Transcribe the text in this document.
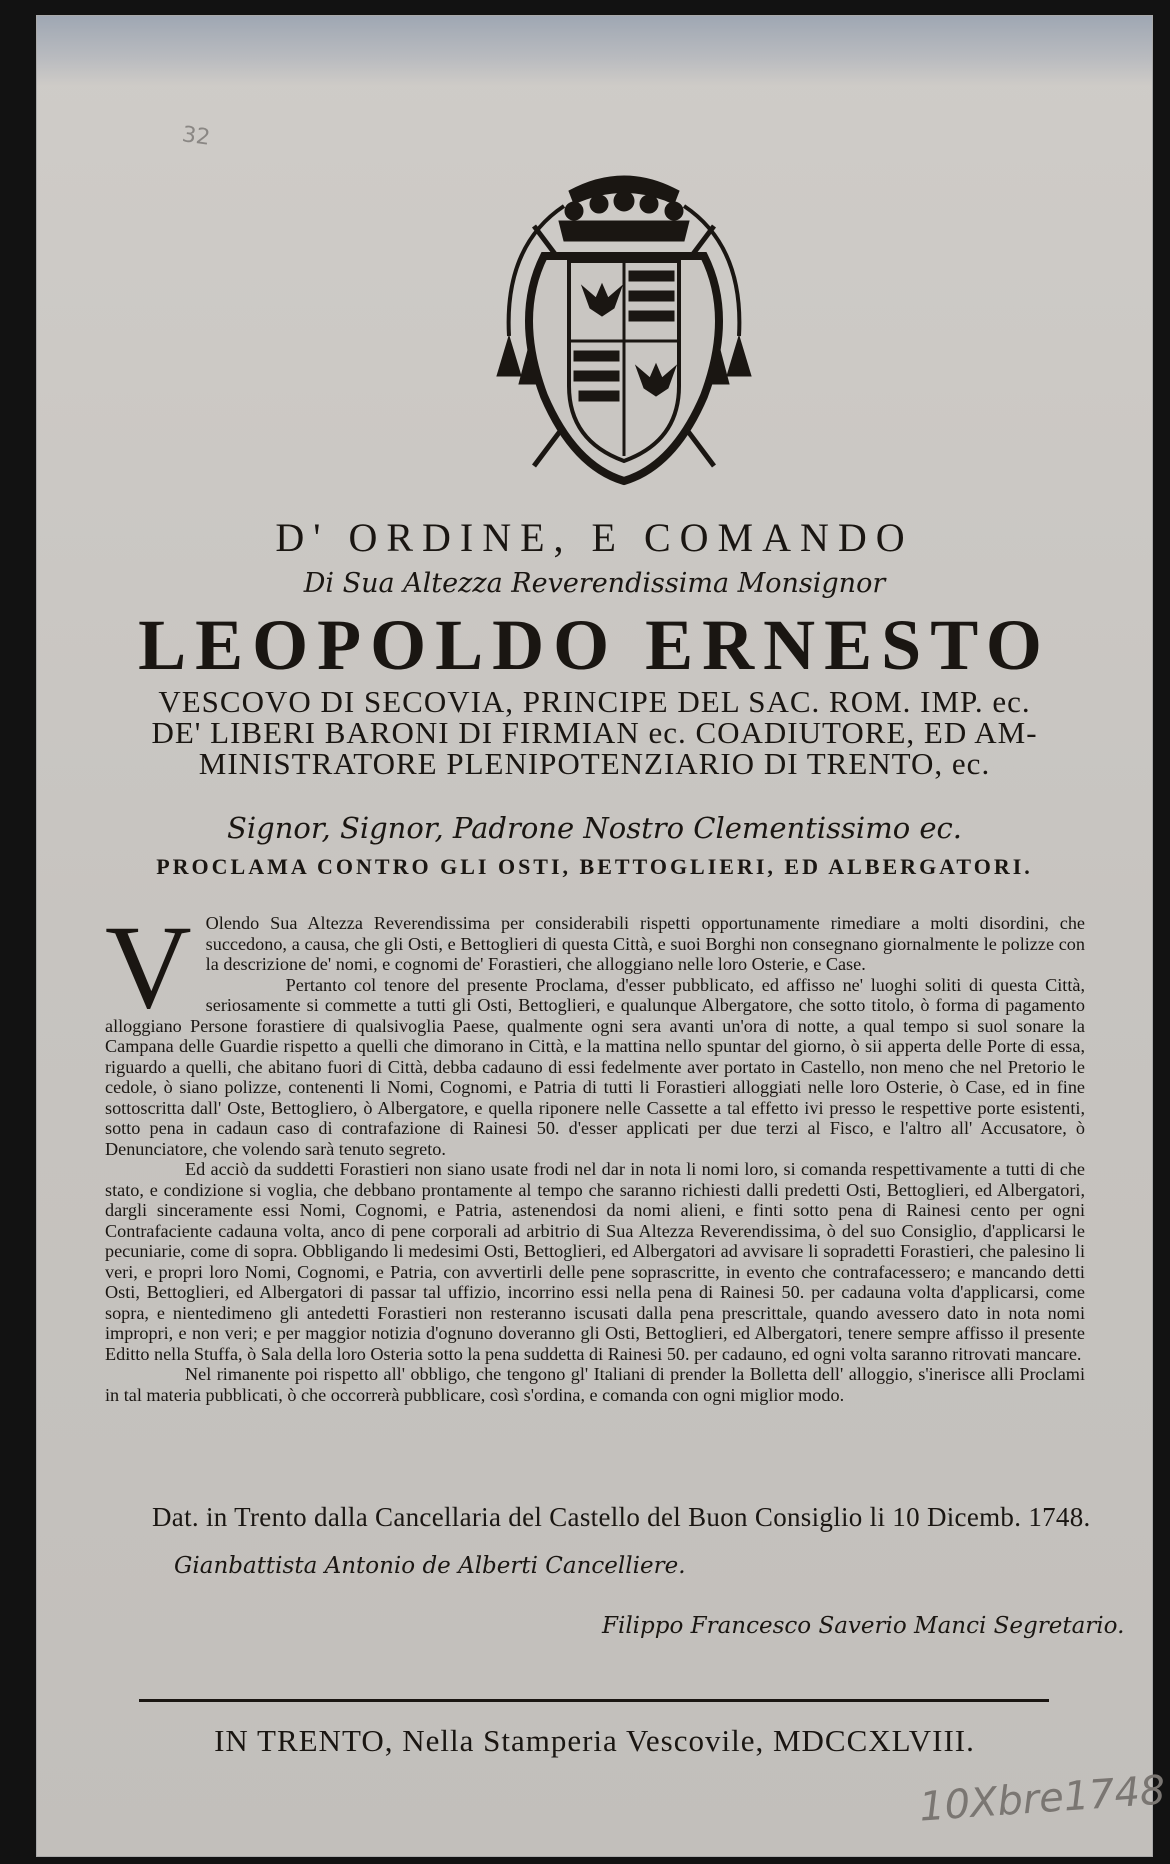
32
D' ORDINE, E COMANDO
Di Sua Altezza Reverendissima Monsignor
LEOPOLDO ERNESTO
VESCOVO DI SECOVIA, PRINCIPE DEL SAC. ROM. IMP. ec.
DE' LIBERI BARONI DI FIRMIAN ec. COADIUTORE, ED AM-
MINISTRATORE PLENIPOTENZIARIO DI TRENTO, ec.
Signor, Signor, Padrone Nostro Clementissimo ec.
PROCLAMA CONTRO GLI OSTI, BETTOGLIERI, ED ALBERGATORI.
V Olendo Sua Altezza Reverendissima per considerabili rispetti opportunamente rimediare a molti disordini, che succedono, a causa, che gli Osti, e Bettoglieri di questa Città, e suoi Borghi non consegnano giornalmente le polizze con la descrizione de' nomi, e cognomi de' Forastieri, che alloggiano nelle loro Osterie, e Case.

Pertanto col tenore del presente Proclama, d'esser pubblicato, ed affisso ne' luoghi soliti di questa Città, seriosamente si commette a tutti gli Osti, Bettoglieri, e qualunque Albergatore, che sotto titolo, ò forma di pagamento alloggiano Persone forastiere di qualsivoglia Paese, qualmente ogni sera avanti un'ora di notte, a qual tempo si suol sonare la Campana delle Guardie rispetto a quelli che dimorano in Città, e la mattina nello spuntar del giorno, ò sii apperta delle Porte di essa, riguardo a quelli, che abitano fuori di Città, debba cadauno di essi fedelmente aver portato in Castello, non meno che nel Pretorio le cedole, ò siano polizze, contenenti li Nomi, Cognomi, e Patria di tutti li Forastieri alloggiati nelle loro Osterie, ò Case, ed in fine sottoscritta dall' Oste, Bettogliero, ò Albergatore, e quella riponere nelle Cassette a tal effetto ivi presso le respettive porte esistenti, sotto pena in cadaun caso di contrafazione di Rainesi 50. d'esser applicati per due terzi al Fisco, e l'altro all' Accusatore, ò Denunciatore, che volendo sarà tenuto segreto.

Ed acciò da suddetti Forastieri non siano usate frodi nel dar in nota li nomi loro, si comanda respettivamente a tutti di che stato, e condizione si voglia, che debbano prontamente al tempo che saranno richiesti dalli predetti Osti, Bettoglieri, ed Albergatori, dargli sinceramente essi Nomi, Cognomi, e Patria, astenendosi da nomi alieni, e finti sotto pena di Rainesi cento per ogni Contrafaciente cadauna volta, anco di pene corporali ad arbitrio di Sua Altezza Reverendissima, ò del suo Consiglio, d'applicarsi le pecuniarie, come di sopra. Obbligando li medesimi Osti, Bettoglieri, ed Albergatori ad avvisare li sopradetti Forastieri, che palesino li veri, e propri loro Nomi, Cognomi, e Patria, con avvertirli delle pene soprascritte, in evento che contrafacessero; e mancando detti Osti, Bettoglieri, ed Albergatori di passar tal uffizio, incorrino essi nella pena di Rainesi 50. per cadauna volta d'applicarsi, come sopra, e nientedimeno gli antedetti Forastieri non resteranno iscusati dalla pena prescrittale, quando avessero dato in nota nomi impropri, e non veri; e per maggior notizia d'ognuno doveranno gli Osti, Bettoglieri, ed Albergatori, tenere sempre affisso il presente Editto nella Stuffa, ò Sala della loro Osteria sotto la pena suddetta di Rainesi 50. per cadauno, ed ogni volta saranno ritrovati mancare.

Nel rimanente poi rispetto all' obbligo, che tengono gl' Italiani di prender la Bolletta dell' alloggio, s'inerisce alli Proclami in tal materia pubblicati, ò che occorrerà pubblicare, così s'ordina, e comanda con ogni miglior modo.

Dat. in Trento dalla Cancellaria del Castello del Buon Consiglio li 10 Dicemb. 1748.
Gianbattista Antonio de Alberti Cancelliere.
Filippo Francesco Saverio Manci Segretario.
IN TRENTO, Nella Stamperia Vescovile, MDCCXLVIII.
10Xbre1748
